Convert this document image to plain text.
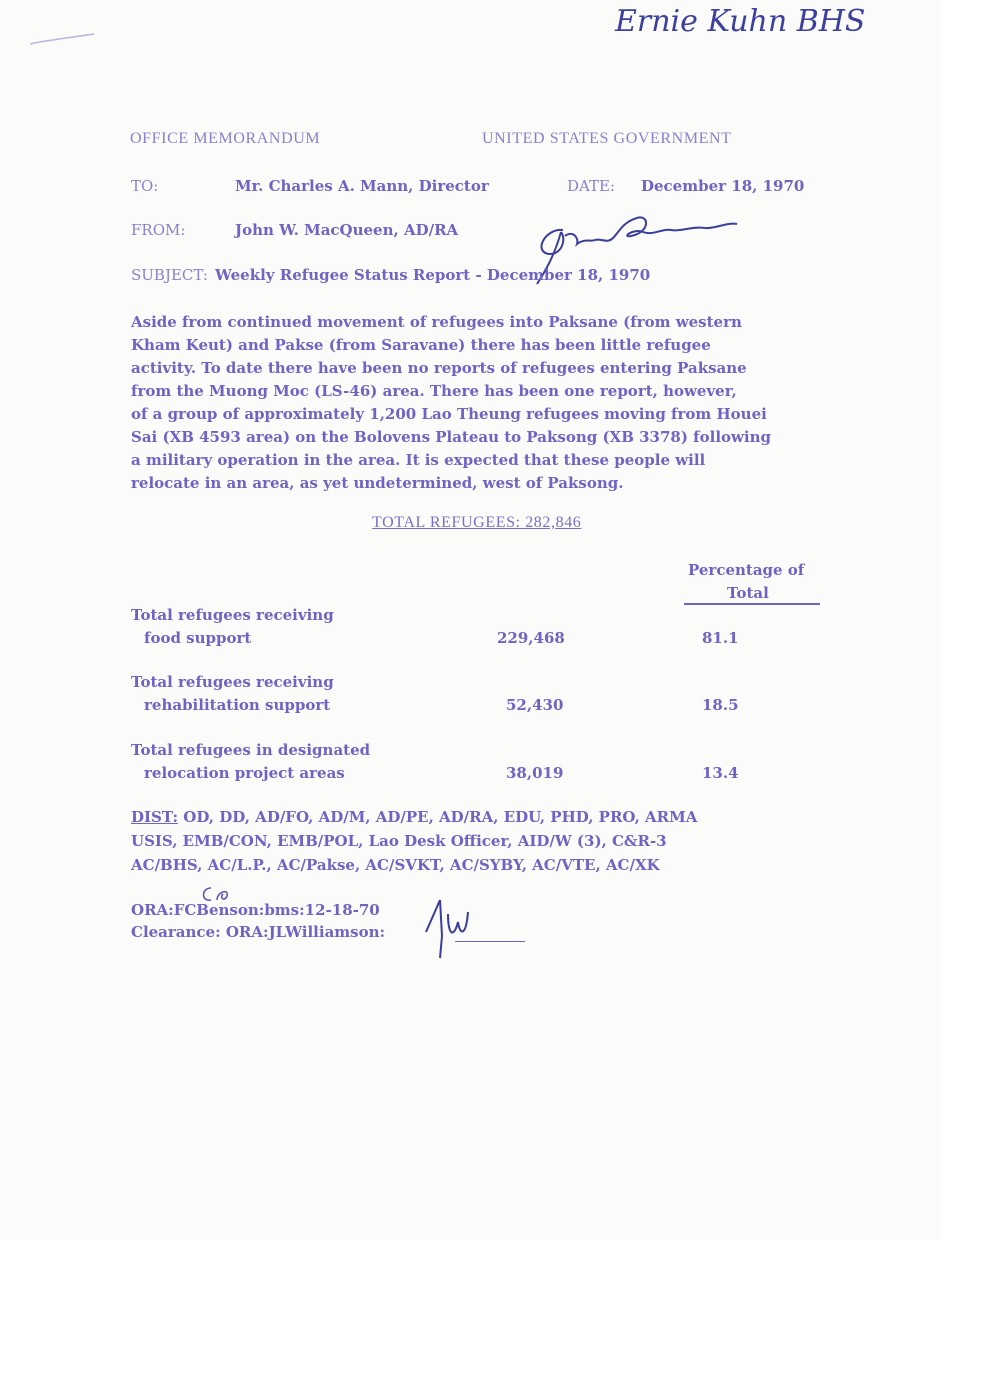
Ernie Kuhn BHS
OFFICE MEMORANDUM	UNITED STATES GOVERNMENT
TO:	Mr. Charles A. Mann, Director	DATE: December 18, 1970
FROM:	John W. MacQueen, AD/RA
SUBJECT: Weekly Refugee Status Report - December 18, 1970

Aside from continued movement of refugees into Paksane (from western
Kham Keut) and Pakse (from Saravane) there has been little refugee
activity. To date there have been no reports of refugees entering Paksane
from the Muong Moc (LS-46) area. There has been one report, however,
of a group of approximately 1,200 Lao Theung refugees moving from Houei
Sai (XB 4593 area) on the Bolovens Plateau to Paksong (XB 3378) following
a military operation in the area. It is expected that these people will
relocate in an area, as yet undetermined, west of Paksong.

TOTAL REFUGEES: 282,846
Percentage of
Total
Total refugees receiving
food support	229,468	81.1
Total refugees receiving
rehabilitation support	52,430	18.5
Total refugees in designated
relocation project areas	38,019	13.4
DIST: OD, DD, AD/FO, AD/M, AD/PE, AD/RA, EDU, PHD, PRO, ARMA
USIS, EMB/CON, EMB/POL, Lao Desk Officer, AID/W (3), C&R-3
AC/BHS, AC/L.P., AC/Pakse, AC/SVKT, AC/SYBY, AC/VTE, AC/XK
ORA:FCBenson:bms:12-18-70
Clearance: ORA:JLWilliamson:
